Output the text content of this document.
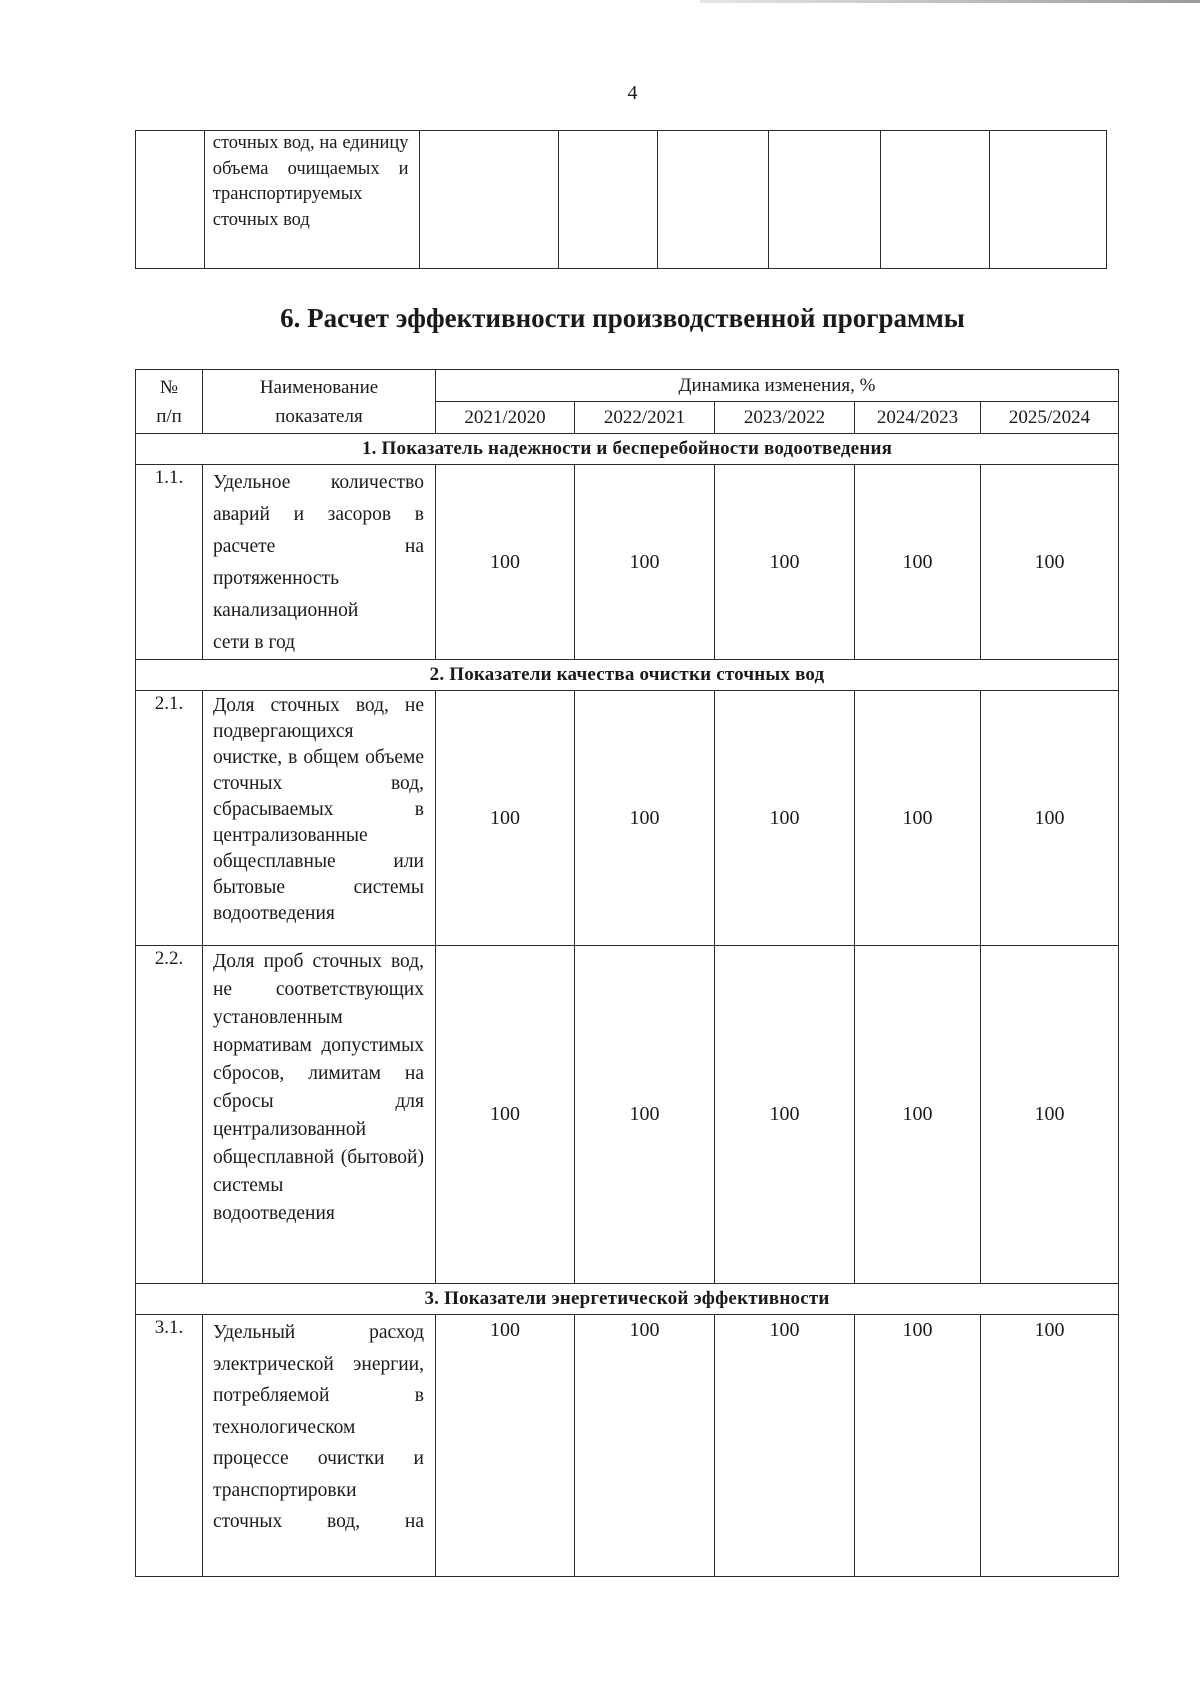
4
	сточных вод, на единицу объема очищаемых и транспортируемых
сточных вод

6. Расчет эффективности производственной программы
№
п/п	Наименование
показателя	Динамика изменения, %				
		2021/2020	2022/2021	2023/2022	2024/2023	2025/2024
1. Показатель надежности и бесперебойности водоотведения						
1.1.	Удельное количество аварий и засоров в расчете на протяженность канализационной
сети в год	100	100	100	100	100
2. Показатели качества очистки сточных вод						
2.1.	Доля сточных вод, не подвергающихся очистке, в общем объеме сточных вод, сбрасываемых в централизованные общесплавные или бытовые системы
водоотведения	100	100	100	100	100
2.2.	Доля проб сточных вод, не соответствующих установленным нормативам допустимых сбросов, лимитам на сбросы для централизованной общесплавной (бытовой) системы
водоотведения	100	100	100	100	100
3. Показатели энергетической эффективности						
3.1.	Удельный расход электрической энергии, потребляемой в технологическом процессе очистки и транспортировки сточных вод, на	100	100	100	100	100
